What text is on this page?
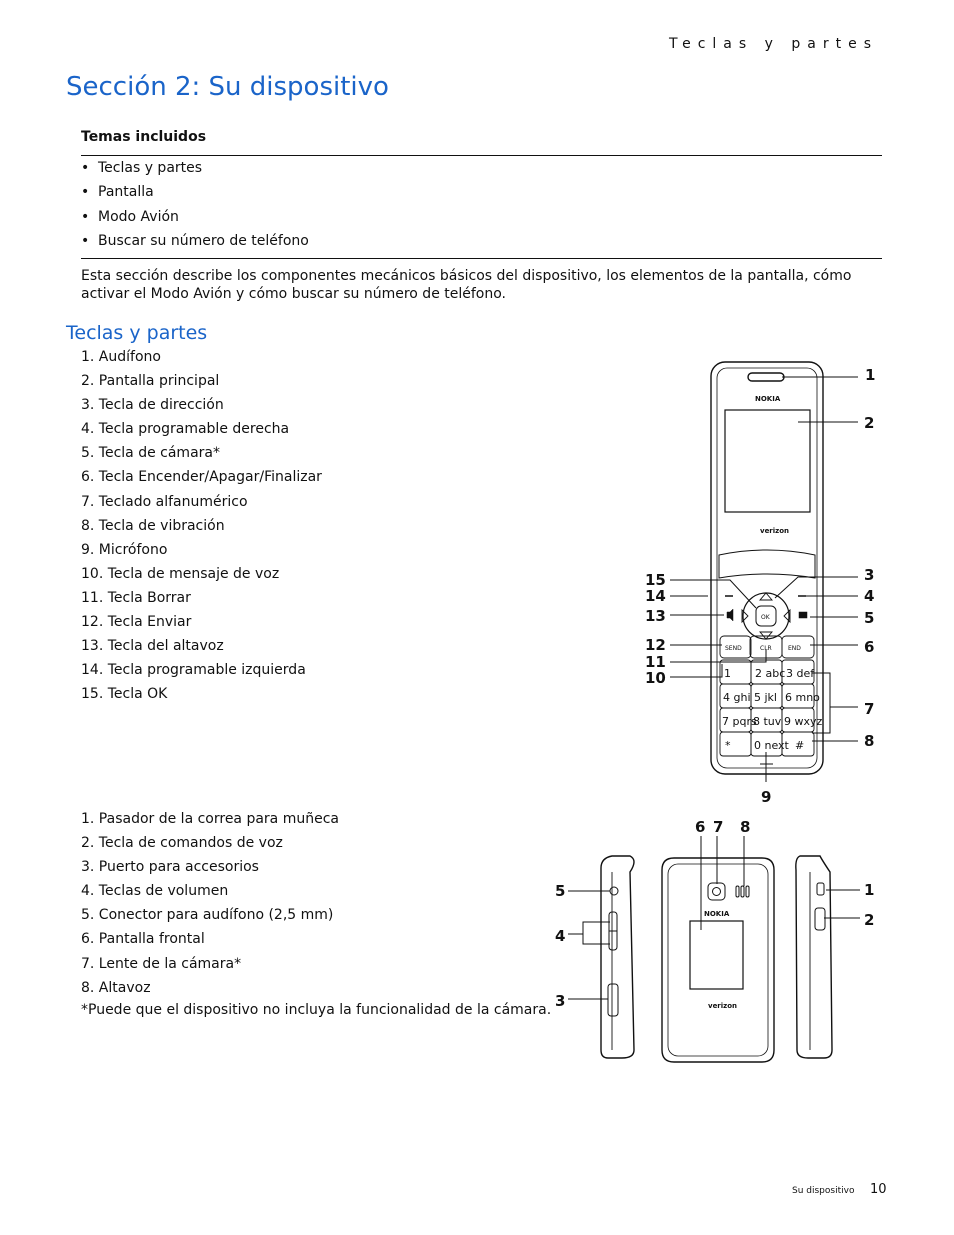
Teclas y partes
Sección 2: Su dispositivo
Temas incluidos
• Teclas y partes
• Pantalla
• Modo Avión
• Buscar su número de teléfono

Esta sección describe los componentes mecánicos básicos del dispositivo, los elementos de la pantalla, cómo activar el Modo Avión y cómo buscar su número de teléfono.

Teclas y partes
1. Audífono
2. Pantalla principal
3. Tecla de dirección
4. Tecla programable derecha
5. Tecla de cámara*
6. Tecla Encender/Apagar/Finalizar
7. Teclado alfanumérico
8. Tecla de vibración
9. Micrófono
10. Tecla de mensaje de voz
11. Tecla Borrar
12. Tecla Enviar
13. Tecla del altavoz
14. Tecla programable izquierda
15. Tecla OK
1. Pasador de la correa para muñeca
2. Tecla de comandos de voz
3. Puerto para accesorios
4. Teclas de volumen
5. Conector para audífono (2,5 mm)
6. Pantalla frontal
7. Lente de la cámara*
8. Altavoz
*Puede que el dispositivo no incluya la funcionalidad de la cámara.
NOKIA
verizon
OK
SEND	CLR	END
1 2 abc 3 def
4 ghi 5 jkl 6 mno
7 pqrs
8 tuv 9 wxyz
* 0 next #
1
2
3
4
5
6
7
8
9
10
11
12
13
14
15
NOKIA
verizon
1
2
3
4
5
6 7 8
Su dispositivo 10
